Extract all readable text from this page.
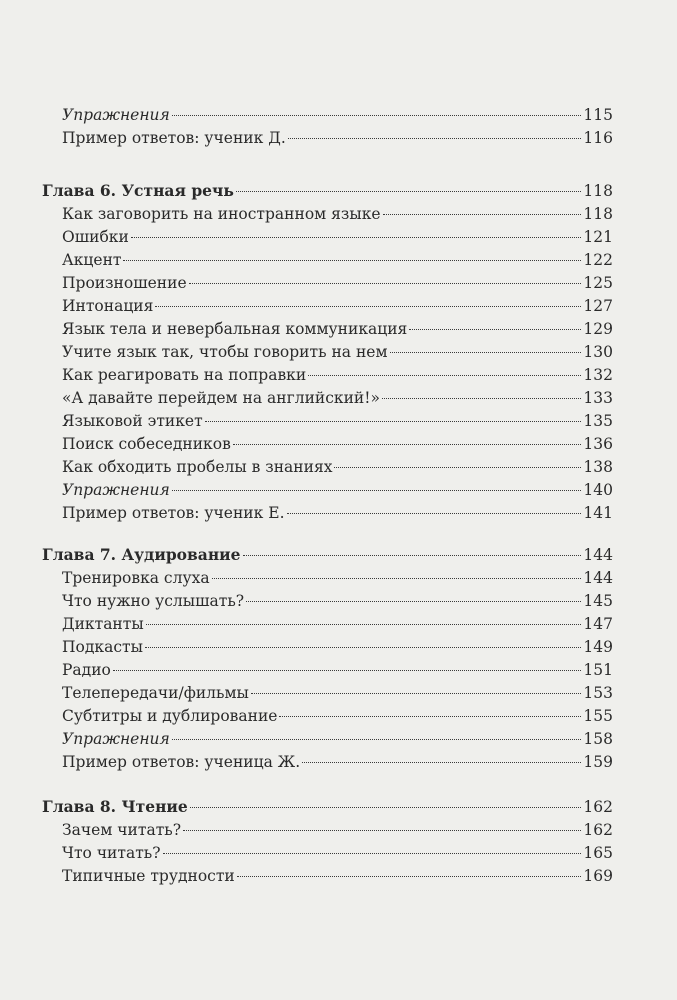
Упражнения	115
Пример ответов: ученик Д.	116
Глава 6. Устная речь	118
Как заговорить на иностранном языке	118
Ошибки	121
Акцент	122
Произношение	125
Интонация	127
Язык тела и невербальная коммуникация	129
Учите язык так, чтобы говорить на нем	130
Как реагировать на поправки	132
«А давайте перейдем на английский!»	133
Языковой этикет	135
Поиск собеседников	136
Как обходить пробелы в знаниях	138
Упражнения	140
Пример ответов: ученик Е.	141
Глава 7. Аудирование	144
Тренировка слуха	144
Что нужно услышать?	145
Диктанты	147
Подкасты	149
Радио	151
Телепередачи/фильмы	153
Субтитры и дублирование	155
Упражнения	158
Пример ответов: ученица Ж.	159
Глава 8. Чтение	162
Зачем читать?	162
Что читать?	165
Типичные трудности	169
